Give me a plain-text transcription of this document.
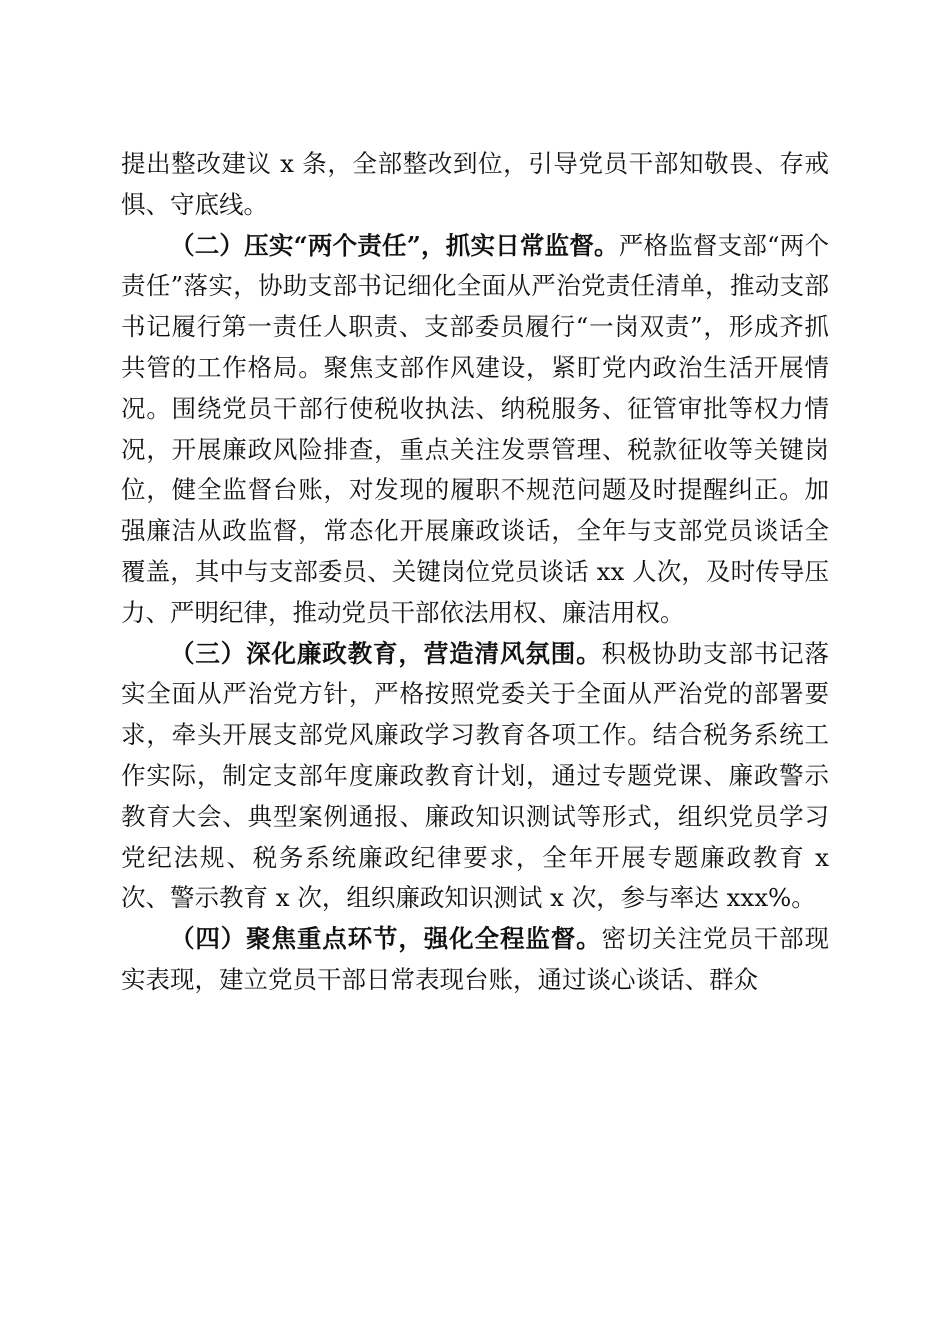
提出整改建议 x 条，全部整改到位，引导党员干部知敬畏、存戒惧、守底线。

（二）压实“两个责任”，抓实日常监督。严格监督支部“两个责任”落实，协助支部书记细化全面从严治党责任清单，推动支部书记履行第一责任人职责、支部委员履行“一岗双责”，形成齐抓共管的工作格局。聚焦支部作风建设，紧盯党内政治生活开展情况。围绕党员干部行使税收执法、纳税服务、征管审批等权力情况，开展廉政风险排查，重点关注发票管理、税款征收等关键岗位，健全监督台账，对发现的履职不规范问题及时提醒纠正。加强廉洁从政监督，常态化开展廉政谈话，全年与支部党员谈话全覆盖，其中与支部委员、关键岗位党员谈话 xx 人次，及时传导压力、严明纪律，推动党员干部依法用权、廉洁用权。

（三）深化廉政教育，营造清风氛围。积极协助支部书记落实全面从严治党方针，严格按照党委关于全面从严治党的部署要求，牵头开展支部党风廉政学习教育各项工作。结合税务系统工作实际，制定支部年度廉政教育计划，通过专题党课、廉政警示教育大会、典型案例通报、廉政知识测试等形式，组织党员学习党纪法规、税务系统廉政纪律要求，全年开展专题廉政教育 x 次、警示教育 x 次，组织廉政知识测试 x 次，参与率达 xxx%。

（四）聚焦重点环节，强化全程监督。密切关注党员干部现实表现，建立党员干部日常表现台账，通过谈心谈话、群众
